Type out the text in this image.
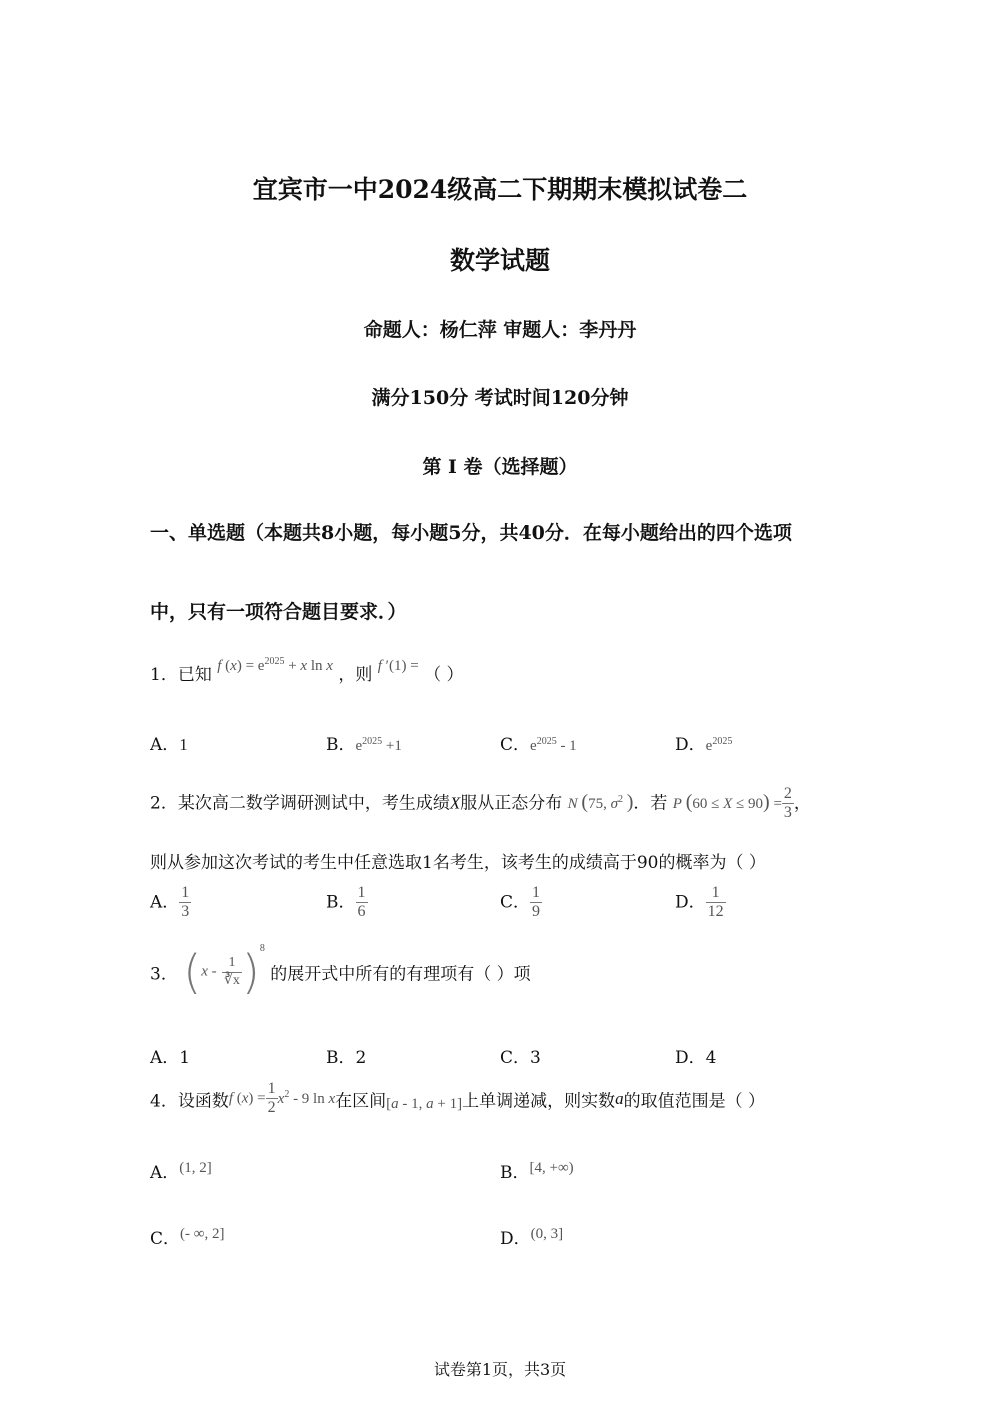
宜宾市一中2024级高二下期期末模拟试卷二
数学试题
命题人：杨仁萍 审题人：李丹丹
满分150分 考试时间120分钟
第 I 卷（选择题）
一、单选题（本题共8小题，每小题5分，共40分．在每小题给出的四个选项
中，只有一项符合题目要求．）
1．已知 f $(x) = e^{2025} + x$ ln x ，则 f ′(1) = （ ）
A．1	B．$e^{2025} +1$	C．$e^{2025} - 1$	D．$e^{2025}$
2．某次高二数学调研测试中，考生成绩X服从正态分布 N (75, $\sigma^2$ )．若 P $(60 \le X \le 90) = \frac{2}{3}$ ，
则从参加这次考试的考生中任意选取1名考生，该考生的成绩高于90的概率为（ ）
A． $\frac{1}{3}$	B． $\frac{1}{6}$	C． $\frac{1}{9}$	D． $\frac{1}{12}$
3． $(x - \frac{1}{∛x} )^8$ 的展开式中所有的有理项有（ ）项
A．1	B．2	C．3	D．4
4．设函数f $(x) = \frac{1}{2} x^2 - 9$ ln x在区间[a - 1, a + 1]上单调递减，则实数a的取值范围是（ ）
A．(1, 2]	B．[4, +∞)
C．(- ∞, 2]	D．(0, 3]
试卷第1页，共3页
